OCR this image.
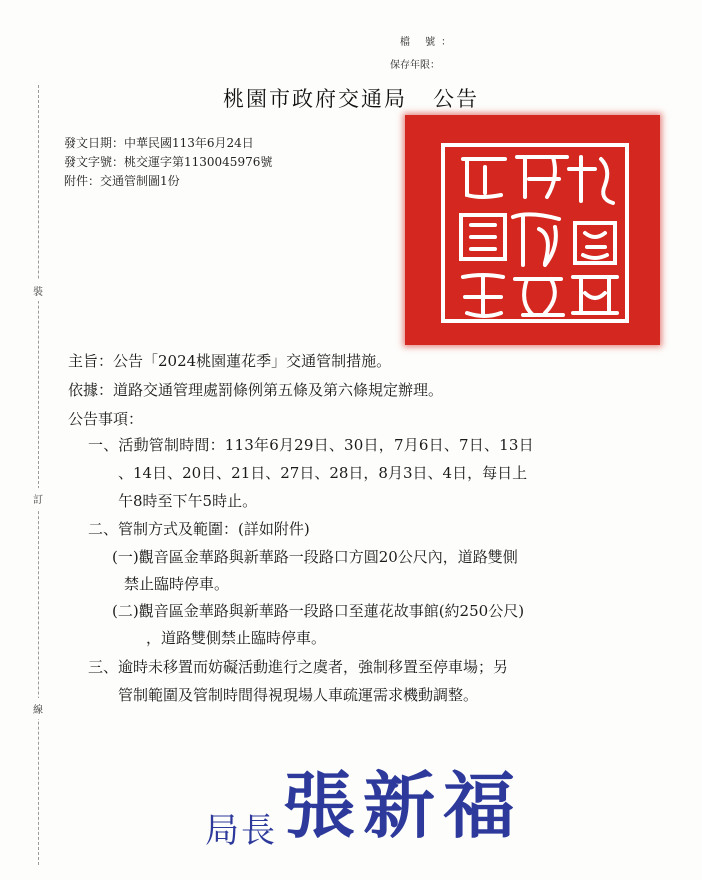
裝
訂
線
檔 號：
保存年限：
桃園市政府交通局 公告
發文日期：中華民國113年6月24日
發文字號：桃交運字第1130045976號
附件：交通管制圖1份
主旨：公告「2024桃園蓮花季」交通管制措施。
依據：道路交通管理處罰條例第五條及第六條規定辦理。
公告事項：
一、活動管制時間：113年6月29日、30日，7月6日、7日、13日
、14日、20日、21日、27日、28日，8月3日、4日，每日上
午8時至下午5時止。
二、管制方式及範圍：(詳如附件)
(一)觀音區金華路與新華路一段路口方圓20公尺內，道路雙側
禁止臨時停車。
(二)觀音區金華路與新華路一段路口至蓮花故事館(約250公尺)
，道路雙側禁止臨時停車。
三、逾時未移置而妨礙活動進行之虞者，強制移置至停車場；另
管制範圍及管制時間得視現場人車疏運需求機動調整。
局長張新福
